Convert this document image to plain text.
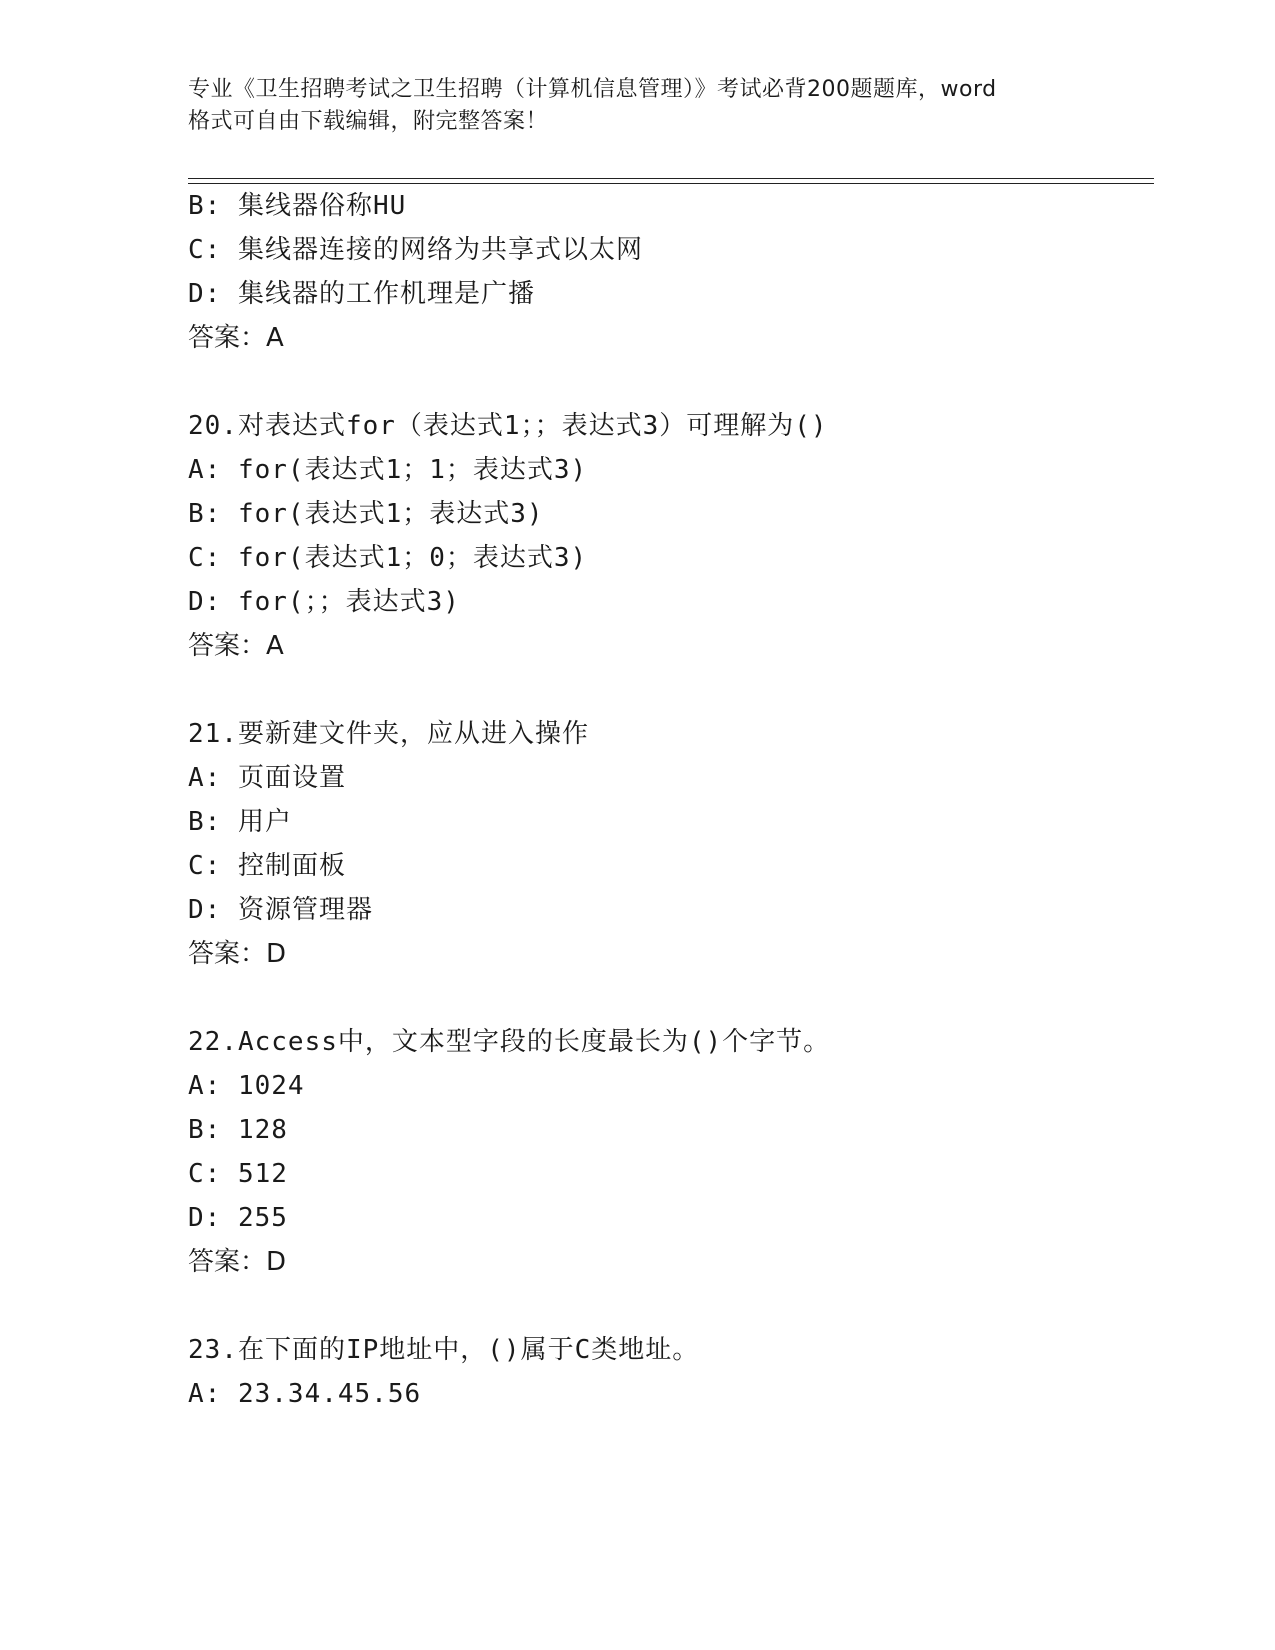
专业《卫生招聘考试之卫生招聘（计算机信息管理）》考试必背200题题库，word
格式可自由下载编辑，附完整答案！
B: 集线器俗称HU
C: 集线器连接的网络为共享式以太网
D: 集线器的工作机理是广播
答案：A
20.对表达式for（表达式1；；表达式3）可理解为()
A: for(表达式1；1；表达式3)
B: for(表达式1；表达式3)
C: for(表达式1；0；表达式3)
D: for(；；表达式3)
答案：A
21.要新建文件夹，应从进入操作
A: 页面设置
B: 用户
C: 控制面板
D: 资源管理器
答案：D
22.Access中，文本型字段的长度最长为()个字节。
A: 1024
B: 128
C: 512
D: 255
答案：D
23.在下面的IP地址中，()属于C类地址。
A: 23.34.45.56
